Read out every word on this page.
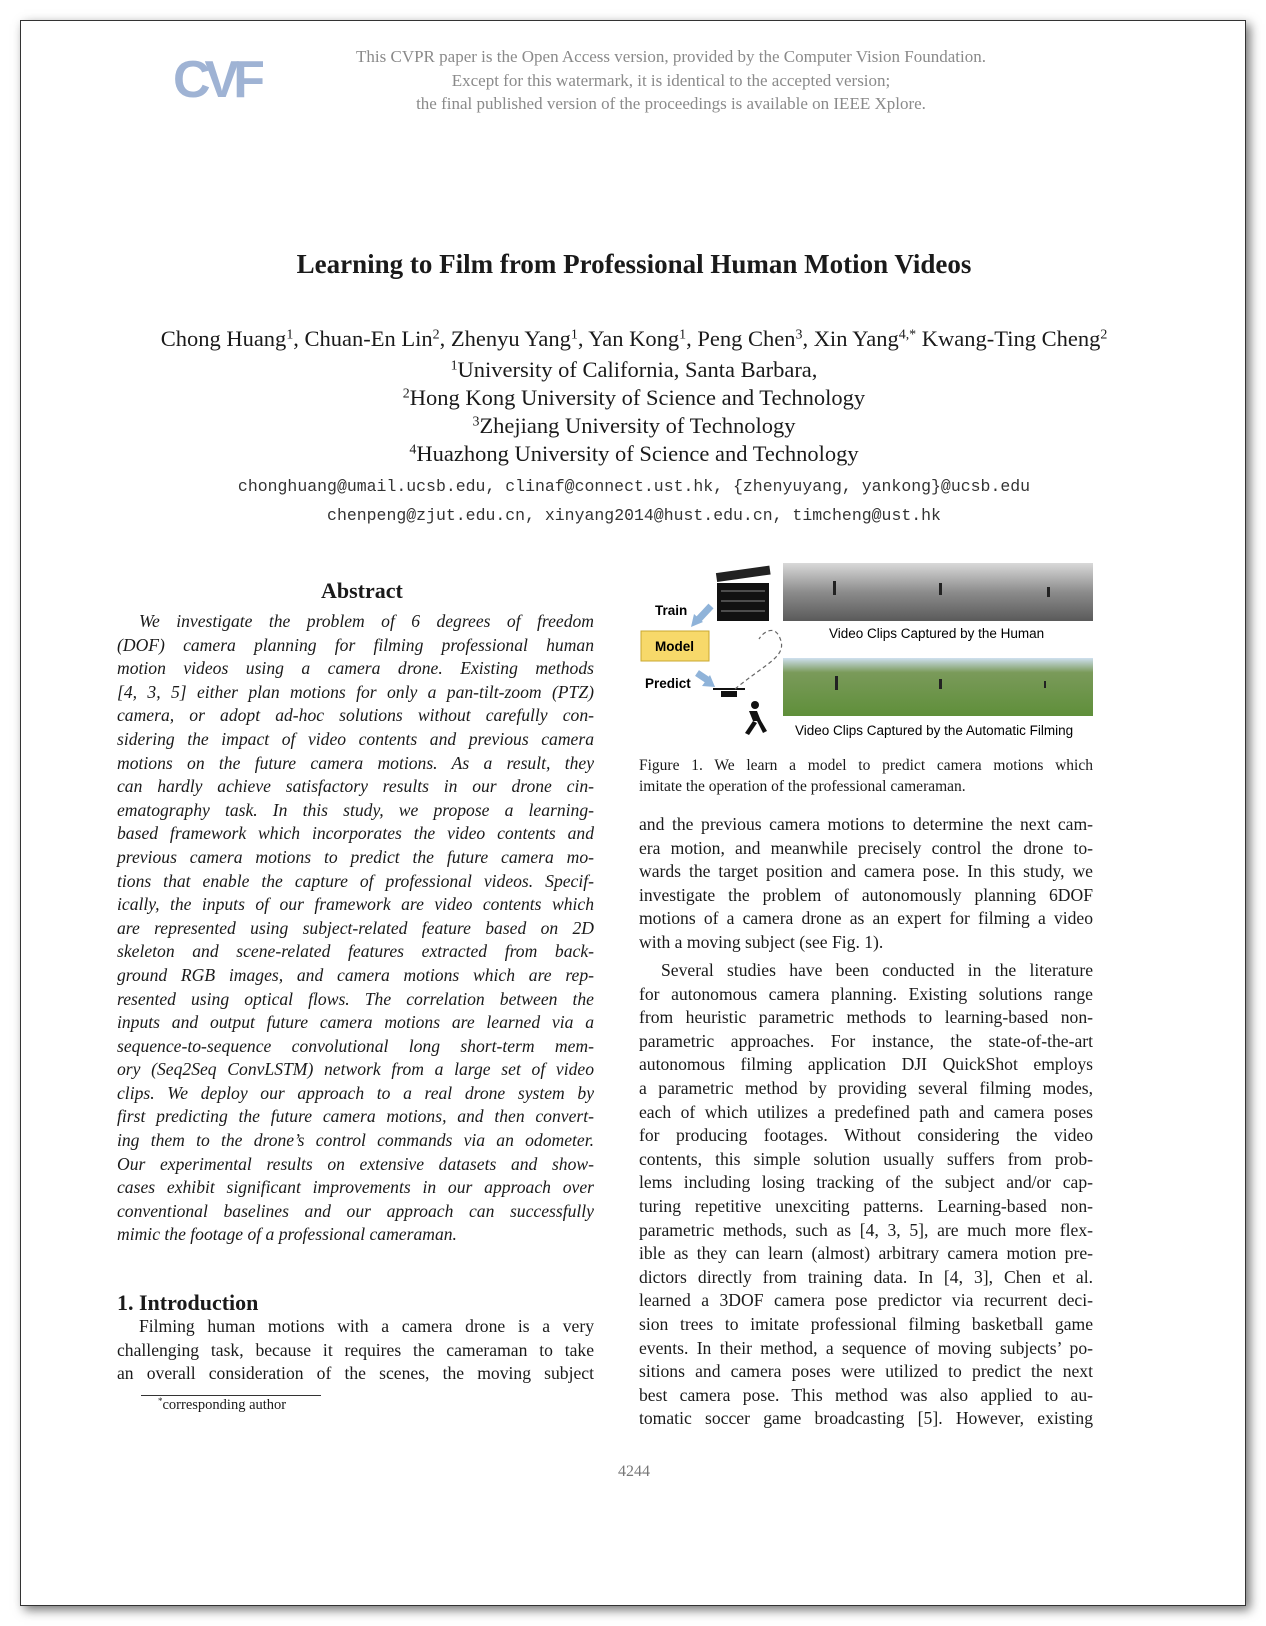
CVF	This CVPR paper is the Open Access version, provided by the Computer Vision Foundation.
Except for this watermark, it is identical to the accepted version;
the final published version of the proceedings is available on IEEE Xplore.
Learning to Film from Professional Human Motion Videos
Chong Huang$^1$, Chuan-En Lin$^2$, Zhenyu Yang$^1$, Yan Kong$^1$, Peng Chen$^3$, Xin Yang$^{4,*}$ Kwang-Ting Cheng$^2$
$^1$University of California, Santa Barbara,
$^2$Hong Kong University of Science and Technology
$^3$Zhejiang University of Technology
$^4$Huazhong University of Science and Technology
chonghuang@umail.ucsb.edu, clinaf@connect.ust.hk, {zhenyuyang, yankong}@ucsb.edu
chenpeng@zjut.edu.cn, xinyang2014@hust.edu.cn, timcheng@ust.hk
Abstract

We investigate the problem of 6 degrees of freedom

(DOF) camera planning for filming professional human

motion videos using a camera drone. Existing methods

[4, 3, 5] either plan motions for only a pan-tilt-zoom (PTZ)

camera, or adopt ad-hoc solutions without carefully con-

sidering the impact of video contents and previous camera

motions on the future camera motions. As a result, they

can hardly achieve satisfactory results in our drone cin-

ematography task. In this study, we propose a learning-

based framework which incorporates the video contents and

previous camera motions to predict the future camera mo-

tions that enable the capture of professional videos. Specif-

ically, the inputs of our framework are video contents which

are represented using subject-related feature based on 2D

skeleton and scene-related features extracted from back-

ground RGB images, and camera motions which are rep-

resented using optical flows. The correlation between the

inputs and output future camera motions are learned via a

sequence-to-sequence convolutional long short-term mem-

ory (Seq2Seq ConvLSTM) network from a large set of video

clips. We deploy our approach to a real drone system by

first predicting the future camera motions, and then convert-

ing them to the drone’s control commands via an odometer.

Our experimental results on extensive datasets and show-

cases exhibit significant improvements in our approach over

conventional baselines and our approach can successfully

mimic the footage of a professional cameraman.

1. Introduction

Filming human motions with a camera drone is a very

challenging task, because it requires the cameraman to take

an overall consideration of the scenes, the moving subject

*corresponding author
Train
Model
Predict
Video Clips Captured by the Human
Video Clips Captured by the Automatic Filming
Figure 1. We learn a model to predict camera motions which
imitate the operation of the professional cameraman.

and the previous camera motions to determine the next cam-

era motion, and meanwhile precisely control the drone to-

wards the target position and camera pose. In this study, we

investigate the problem of autonomously planning 6DOF

motions of a camera drone as an expert for filming a video

with a moving subject (see Fig. 1).

Several studies have been conducted in the literature

for autonomous camera planning. Existing solutions range

from heuristic parametric methods to learning-based non-

parametric approaches. For instance, the state-of-the-art

autonomous filming application DJI QuickShot employs

a parametric method by providing several filming modes,

each of which utilizes a predefined path and camera poses

for producing footages. Without considering the video

contents, this simple solution usually suffers from prob-

lems including losing tracking of the subject and/or cap-

turing repetitive unexciting patterns. Learning-based non-

parametric methods, such as [4, 3, 5], are much more flex-

ible as they can learn (almost) arbitrary camera motion pre-

dictors directly from training data. In [4, 3], Chen et al.

learned a 3DOF camera pose predictor via recurrent deci-

sion trees to imitate professional filming basketball game

events. In their method, a sequence of moving subjects’ po-

sitions and camera poses were utilized to predict the next

best camera pose. This method was also applied to au-

tomatic soccer game broadcasting [5]. However, existing

4244
